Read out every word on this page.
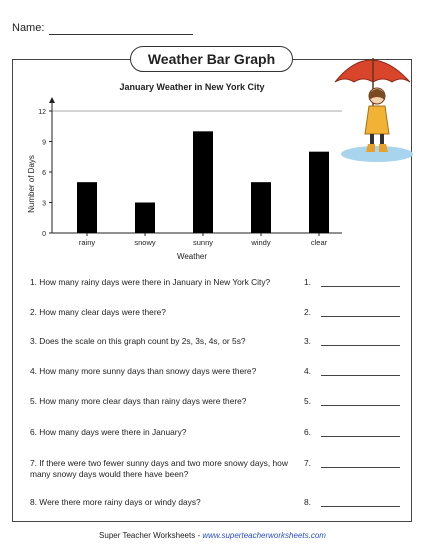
Name:
Weather Bar Graph
January Weather in New York City
0
3
6
9
12
rainy	snowy	sunny	windy	clear
Weather
Number of Days
1. How many rainy days were there in January in New York City?	1.
2. How many clear days were there?	2.
3. Does the scale on this graph count by 2s, 3s, 4s, or 5s?	3.
4. How many more sunny days than snowy days were there?	4.
5. How many more clear days than rainy days were there?	5.
6. How many days were there in January?	6.
7. If there were two fewer sunny days and two more snowy days, how many snowy days would there have been?
7.
8. Were there more rainy days or windy days?	8.
Super Teacher Worksheets - www.superteacherworksheets.com
